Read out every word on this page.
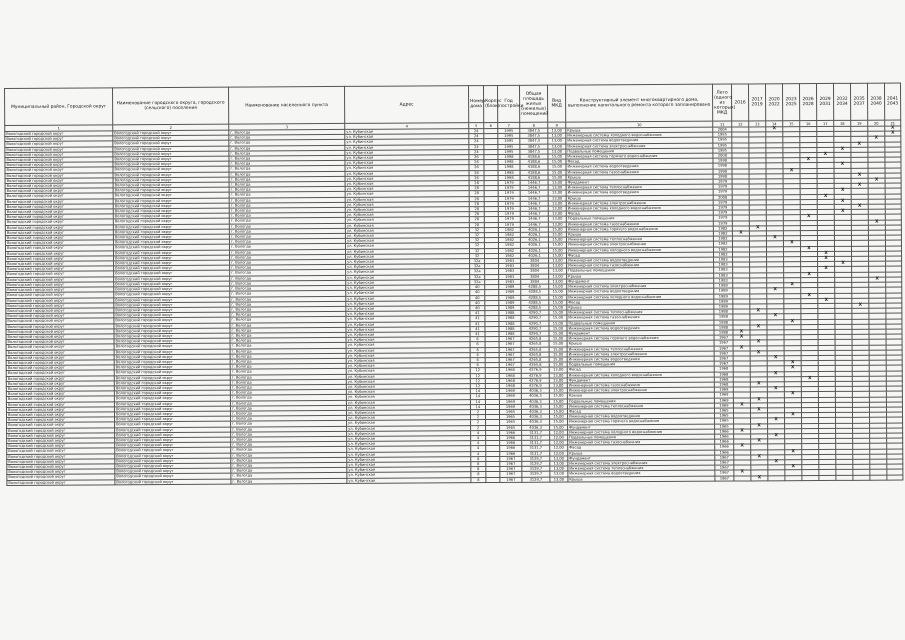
Муниципальный район, Городской округ	Наименование городского округа, городского (сельского) поселения	Наименование населенного пункта	Адрес	Номер дома	Корпус (блок)	Год постройки	Общая площадь жилых (нежилых) помещений	Вид МКД	Конструктивный элемент многоквартирного дома, выполнение капитального ремонта которого запланировано	Лето (одного из которых) МКД	2016	2017 2019	2020 2022	2023 2025	2026 2028	2029 2031	2032 2034	2035 2037	2038 2040	2041 2043
1	2	3	4	5	6	7	8	9	10	11	12	13	14	15	16	17	18	19	20	21
Вологодский городской округ	Вологодский городской округ	г. Вологда	ул. Кубинская	24		1995	3847,5	13,00	Крыша	2004			X							X
Вологодский городской округ	Вологодский городской округ	г. Вологда	ул. Кубинская	24		1995	3847,5	13,00	Инженерные системы холодного водоснабжения	1995										X
Вологодский городской округ	Вологодский городской округ	г. Вологда	ул. Кубинская	24		1995	3847,5	13,00	Инженерная система водоотведения	1995									X	
Вологодский городской округ	Вологодский городской округ	г. Вологда	ул. Кубинская	24		1995	3847,5	13,00	Инженерная система электроснабжения	1995								X		
Вологодский городской округ	Вологодский городской округ	г. Вологда	ул. Кубинская	24		1995	3847,5	13,00	Подвальные помещения	1995							X			
Вологодский городской округ	Вологодский городской округ	г. Вологда	ул. Кубинская	26		1998	4188,6	15,00	Инженерная система горячего водоснабжения	2008						X				
Вологодский городской округ	Вологодский городской округ	г. Вологда	ул. Кубинская	26		1998	4188,6	15,00	Фасад	1998					X					
Вологодский городской округ	Вологодский городской округ	г. Вологда	ул. Кубинская	26		1998	4188,6	15,00	Инженерная система водоотведения	1998							X			
Вологодский городской округ	Вологодский городской округ	г. Вологда	ул. Кубинская	26		1998	4188,6	15,00	Инженерная система газоснабжения	1998				X						
Вологодский городской округ	Вологодский городской округ	г. Вологда	ул. Кубинская	26		1998	4188,6	15,00	Крыша	1998								X		
Вологодский городской округ	Вологодский городской округ	г. Вологда	ул. Кубинская	28		1979	1446,7	13,00	Фундамент	1979									X	
Вологодский городской округ	Вологодский городской округ	г. Вологда	ул. Кубинская	28		1979	1446,7	13,00	Инженерная система теплоснабжения	1979								X		
Вологодский городской округ	Вологодский городской округ	г. Вологда	ул. Кубинская	28		1979	1446,7	13,00	Инженерная система водоотведения	1979							X			
Вологодский городской округ	Вологодский городской округ	г. Вологда	ул. Кубинская	28		1979	1446,7	13,00	Крыша	2008						X				
Вологодский городской округ	Вологодский городской округ	г. Вологда	ул. Кубинская	28		1979	1446,7	13,00	Инженерная система электроснабжения	1979							X			
Вологодский городской округ	Вологодский городской округ	г. Вологда	ул. Кубинская	28		1979	1446,7	13,00	Инженерная система холодного водоснабжения	1979								X		
Вологодский городской округ	Вологодский городской округ	г. Вологда	ул. Кубинская	28		1979	1446,7	13,00	Фасад	1979							X			
Вологодский городской округ	Вологодский городской округ	г. Вологда	ул. Кубинская	28		1979	1446,7	13,00	Подвальные помещения	1979					X					
Вологодский городской округ	Вологодский городской округ	г. Вологда	ул. Кубинская	28		1979	1446,7	13,00	Инженерная система газоснабжения	1979									X	
Вологодский городской округ	Вологодский городской округ	г. Вологда	ул. Кубинская	32		1982	4026,1	15,00	Инженерная система горячего водоснабжения	1982		X								
Вологодский городской округ	Вологодский городской округ	г. Вологда	ул. Кубинская	32		1982	4026,1	15,00	Крыша	1982	X									
Вологодский городской округ	Вологодский городской округ	г. Вологда	ул. Кубинская	32		1982	4026,1	15,00	Инженерная система теплоснабжения	1982			X							
Вологодский городской округ	Вологодский городской округ	г. Вологда	ул. Кубинская	32		1982	4026,1	15,00	Инженерная система электроснабжения	1982				X						
Вологодский городской округ	Вологодский городской округ	г. Вологда	ул. Кубинская	32		1982	4026,1	15,00	Инженерная система холодного водоснабжения	1982					X					
Вологодский городской округ	Вологодский городской округ	г. Вологда	ул. Кубинская	32		1982	4026,1	15,00	Фасад	1982						X				
Вологодский городской округ	Вологодский городской округ	г. Вологда	ул. Кубинская	32а		1983	3804	13,00	Инженерная система водоотведения	1983						X				
Вологодский городской округ	Вологодский городской округ	г. Вологда	ул. Кубинская	32а		1983	3804	13,00	Инженерная система газоснабжения	1983							X			
Вологодский городской округ	Вологодский городской округ	г. Вологда	ул. Кубинская	32а		1983	3804	13,00	Подвальные помещения	1983						X				
Вологодский городской округ	Вологодский городской округ	г. Вологда	ул. Кубинская	32а		1983	3804	13,00	Крыша	1983					X					
Вологодский городской округ	Вологодский городской округ	г. Вологда	ул. Кубинская	32а		1983	3804	13,00	Фундамент	1983									X	
Вологодский городской округ	Вологодский городской округ	г. Вологда	ул. Кубинская	40		1989	4288,5	15,00	Инженерная система электроснабжения	1989				X						
Вологодский городской округ	Вологодский городской округ	г. Вологда	ул. Кубинская	40		1989	4288,5	15,00	Инженерная система водоотведения	1989			X							
Вологодский городской округ	Вологодский городской округ	г. Вологда	ул. Кубинская	40		1989	4288,5	15,00	Инженерная система холодного водоснабжения	1989					X					
Вологодский городской округ	Вологодский городской округ	г. Вологда	ул. Кубинская	40		1989	4288,5	15,00	Фасад	1989						X				
Вологодский городской округ	Вологодский городской округ	г. Вологда	ул. Кубинская	40		1989	4288,5	15,00	Крыша	1989								X		
Вологодский городской округ	Вологодский городской округ	г. Вологда	ул. Кубинская	41		1988	4290,7	15,00	Инженерная система теплоснабжения	1988		X								
Вологодский городской округ	Вологодский городской округ	г. Вологда	ул. Кубинская	41		1988	4290,7	15,00	Инженерная система газоснабжения	1988			X							
Вологодский городской округ	Вологодский городской округ	г. Вологда	ул. Кубинская	41		1988	4290,7	15,00	Подвальные помещения	1988				X						
Вологодский городской округ	Вологодский городской округ	г. Вологда	ул. Кубинская	41		1988	4290,7	15,00	Инженерная система водоотведения	1988		X								
Вологодский городской округ	Вологодский городской округ	г. Вологда	ул. Кубинская	41		1988	4290,7	15,00	Фундамент	1988	X									
Вологодский городской округ	Вологодский городской округ	г. Вологда	ул. Кубинская	6		1967	4265,8	15,00	Инженерная система горячего водоснабжения	1967	X									
Вологодский городской округ	Вологодский городской округ	г. Вологда	ул. Кубинская	6		1967	4265,8	15,00	Крыша	1967		X								
Вологодский городской округ	Вологодский городской округ	г. Вологда	ул. Кубинская	6		1967	4265,8	15,00	Инженерная система теплоснабжения	1967	X									
Вологодский городской округ	Вологодский городской округ	г. Вологда	ул. Кубинская	6		1967	4265,8	15,00	Инженерная система электроснабжения	1967		X								
Вологодский городской округ	Вологодский городской округ	г. Вологда	ул. Кубинская	6		1967	4265,8	15,00	Инженерная система водоотведения	1967			X							
Вологодский городской округ	Вологодский городской округ	г. Вологда	ул. Кубинская	6		1967	4265,8	15,00	Подвальные помещения	1967				X						
Вологодский городской округ	Вологодский городской округ	г. Вологда	ул. Кубинская	12		1968	4276,9	13,00	Фасад	1968				X						
Вологодский городской округ	Вологодский городской округ	г. Вологда	ул. Кубинская	12		1968	4276,9	13,00	Инженерная система холодного водоснабжения	1968			X							
Вологодский городской округ	Вологодский городской округ	г. Вологда	ул. Кубинская	12		1968	4276,9	13,00	Фундамент	1968					X					
Вологодский городской округ	Вологодский городской округ	г. Вологда	ул. Кубинская	12		1968	4276,9	13,00	Инженерная система газоснабжения	1968		X								
Вологодский городской округ	Вологодский городской округ	г. Вологда	ул. Кубинская	14		1969	4036,3	15,00	Инженерная система электроснабжения	1969			X							
Вологодский городской округ	Вологодский городской округ	г. Вологда	ул. Кубинская	14		1969	4036,3	15,00	Крыша	1969				X						
Вологодский городской округ	Вологодский городской округ	г. Вологда	ул. Кубинская	14		1969	4036,3	15,00	Подвальные помещения	1969		X								
Вологодский городской округ	Вологодский городской округ	г. Вологда	ул. Кубинская	14		1969	4036,3	15,00	Инженерная система теплоснабжения	1969	X									
Вологодский городской округ	Вологодский городской округ	г. Вологда	ул. Кубинская	2		1965	4036,3	15,00	Фасад	1965		X								
Вологодский городской округ	Вологодский городской округ	г. Вологда	ул. Кубинская	2		1965	4036,3	15,00	Инженерная система водоотведения	1965				X						
Вологодский городской округ	Вологодский городской округ	г. Вологда	ул. Кубинская	2		1965	4036,3	15,00	Инженерная система горячего водоснабжения	1965			X							
Вологодский городской округ	Вологодский городской округ	г. Вологда	ул. Кубинская	2		1965	4036,3	15,00	Фундамент	1965		X								
Вологодский городской округ	Вологодский городской округ	г. Вологда	ул. Кубинская	4		1966	3131,7	12,00	Инженерная система холодного водоснабжения	1966	X									
Вологодский городской округ	Вологодский городской округ	г. Вологда	ул. Кубинская	4		1966	3131,7	12,00	Подвальные помещения	1966			X							
Вологодский городской округ	Вологодский городской округ	г. Вологда	ул. Кубинская	4		1966	3131,7	12,00	Инженерная система газоснабжения	1966		X								
Вологодский городской округ	Вологодский городской округ	г. Вологда	ул. Кубинская	4		1966	3131,7	12,00	Фасад	1966	X									
Вологодский городской округ	Вологодский городской округ	г. Вологда	ул. Кубинская	4		1966	3131,7	12,00	Крыша	1966				X						
Вологодский городской округ	Вологодский городской округ	г. Вологда	ул. Кубинская	8		1967	3129,7	13,00	Фундамент	1967		X								
Вологодский городской округ	Вологодский городской округ	г. Вологда	ул. Кубинская	8		1967	3129,7	13,00	Инженерная система электроснабжения	1967			X							
Вологодский городской округ	Вологодский городской округ	г. Вологда	ул. Кубинская	8		1967	3129,7	13,00	Инженерная система теплоснабжения	1967				X						
Вологодский городской округ	Вологодский городской округ	г. Вологда	ул. Кубинская	8		1967	3129,7	13,00	Инженерная система водоотведения	1967	X									
Вологодский городской округ	Вологодский городской округ	г. Вологда	ул. Кубинская	8		1967	3129,7	13,00	Крыша	1967		X								
